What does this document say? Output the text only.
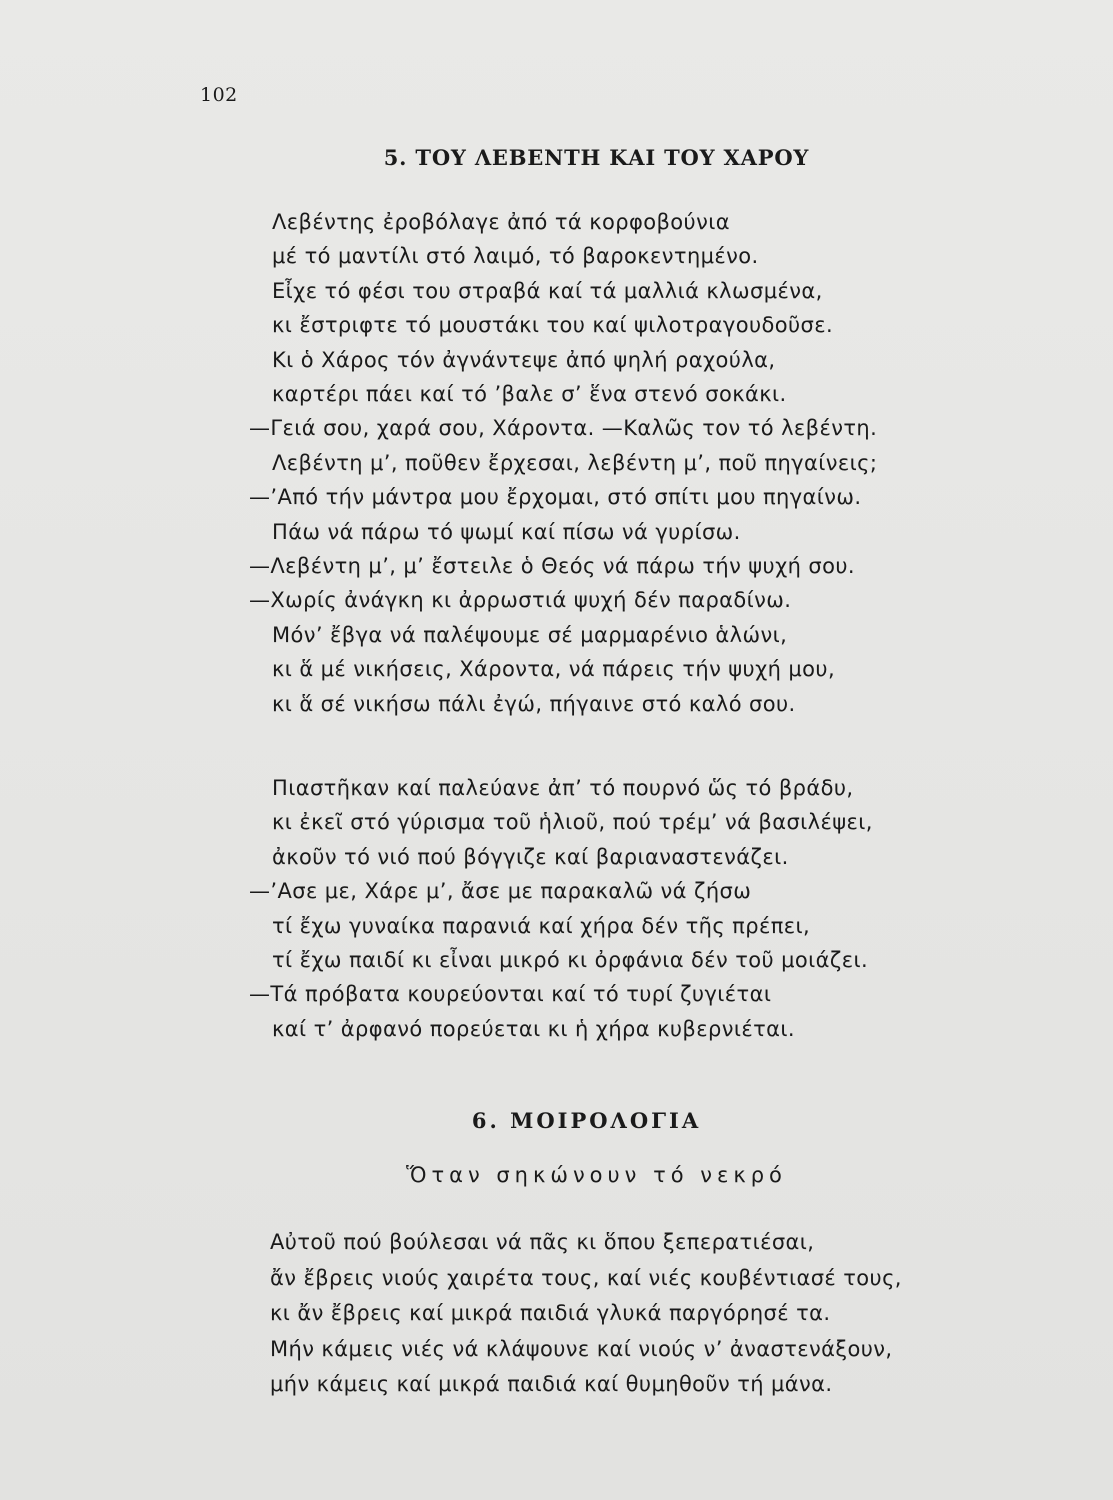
102
5. ΤΟΥ ΛΕΒΕΝΤΗ ΚΑΙ ΤΟΥ ΧΑΡΟΥ
Λεβέντης ἐροβόλαγε ἀπό τά κορφοβούνια
μέ τό μαντίλι στό λαιμό, τό βαροκεντημένο.
Εἶχε τό φέσι του στραβά καί τά μαλλιά κλωσμένα,
κι ἔστριφτε τό μουστάκι του καί ψιλοτραγουδοῦσε.
Κι ὁ Χάρος τόν ἀγνάντεψε ἀπό ψηλή ραχούλα,
καρτέρι πάει καί τό ’βαλε σ’ ἕνα στενό σοκάκι.
—Γειά σου, χαρά σου, Χάροντα. —Καλῶς τον τό λεβέντη.
Λεβέντη μ’, ποῦθεν ἔρχεσαι, λεβέντη μ’, ποῦ πηγαίνεις;
—’Από τήν μάντρα μου ἔρχομαι, στό σπίτι μου πηγαίνω.
Πάω νά πάρω τό ψωμί καί πίσω νά γυρίσω.
—Λεβέντη μ’, μ’ ἔστειλε ὁ Θεός νά πάρω τήν ψυχή σου.
—Χωρίς ἀνάγκη κι ἀρρωστιά ψυχή δέν παραδίνω.
Μόν’ ἔβγα νά παλέψουμε σέ μαρμαρένιο ἁλώνι,
κι ἅ μέ νικήσεις, Χάροντα, νά πάρεις τήν ψυχή μου,
κι ἅ σέ νικήσω πάλι ἐγώ, πήγαινε στό καλό σου.
Πιαστῆκαν καί παλεύανε ἀπ’ τό πουρνό ὥς τό βράδυ,
κι ἐκεῖ στό γύρισμα τοῦ ἡλιοῦ, πού τρέμ’ νά βασιλέψει,
ἀκοῦν τό νιό πού βόγγιζε καί βαριαναστενάζει.
—’Ασε με, Χάρε μ’, ἄσε με παρακαλῶ νά ζήσω
τί ἔχω γυναίκα παρανιά καί χήρα δέν τῆς πρέπει,
τί ἔχω παιδί κι εἶναι μικρό κι ὀρφάνια δέν τοῦ μοιάζει.
—Τά πρόβατα κουρεύονται καί τό τυρί ζυγιέται
καί τ’ ἀρφανό πορεύεται κι ἡ χήρα κυβερνιέται.
6. ΜΟΙΡΟΛΟΓΙΑ
Ὅταν σηκώνουν τό νεκρό
Αὐτοῦ πού βούλεσαι νά πᾶς κι ὅπου ξεπερατιέσαι,
ἄν ἔβρεις νιούς χαιρέτα τους, καί νιές κουβέντιασέ τους,
κι ἄν ἔβρεις καί μικρά παιδιά γλυκά παργόρησέ τα.
Μήν κάμεις νιές νά κλάψουνε καί νιούς ν’ ἀναστενάξουν,
μήν κάμεις καί μικρά παιδιά καί θυμηθοῦν τή μάνα.
